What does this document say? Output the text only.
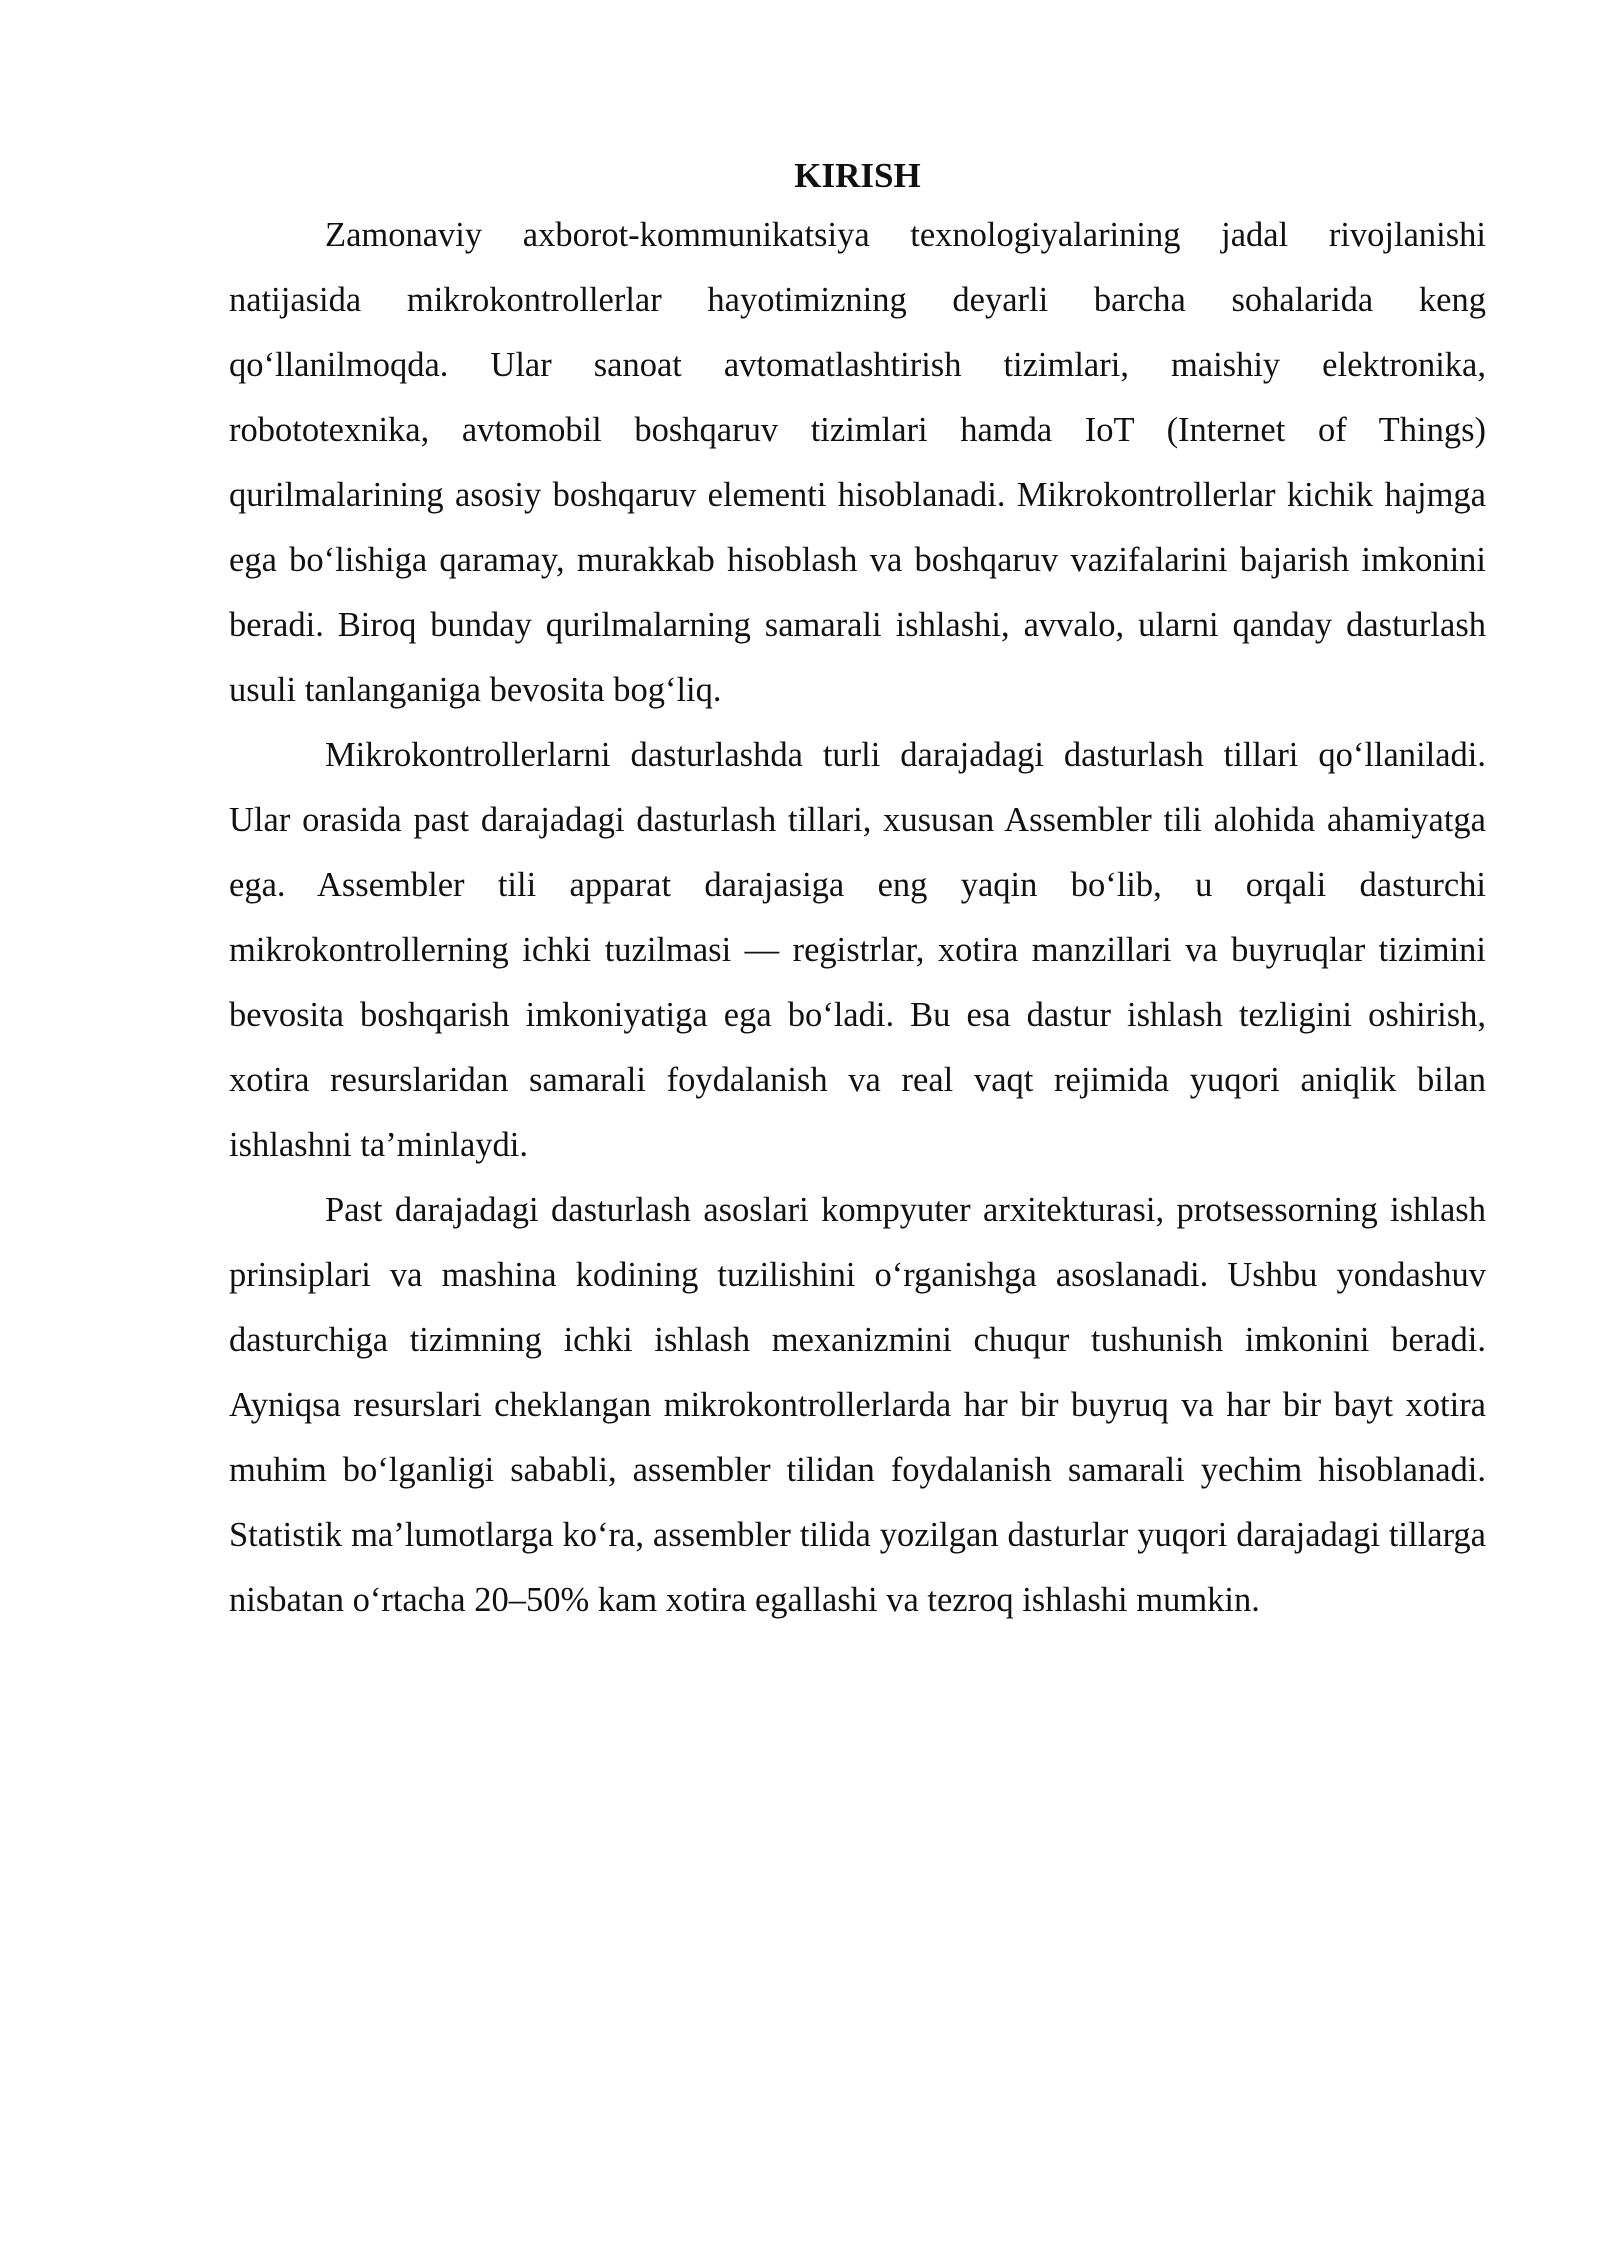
KIRISH

Zamonaviy axborot-kommunikatsiya texnologiyalarining jadal rivojlanishi natijasida mikrokontrollerlar hayotimizning deyarli barcha sohalarida keng qo‘llanilmoqda. Ular sanoat avtomatlashtirish tizimlari, maishiy elektronika, robototexnika, avtomobil boshqaruv tizimlari hamda IoT (Internet of Things) qurilmalarining asosiy boshqaruv elementi hisoblanadi. Mikrokontrollerlar kichik hajmga ega bo‘lishiga qaramay, murakkab hisoblash va boshqaruv vazifalarini bajarish imkonini beradi. Biroq bunday qurilmalarning samarali ishlashi, avvalo, ularni qanday dasturlash usuli tanlanganiga bevosita bog‘liq.

Mikrokontrollerlarni dasturlashda turli darajadagi dasturlash tillari qo‘llaniladi. Ular orasida past darajadagi dasturlash tillari, xususan Assembler tili alohida ahamiyatga ega. Assembler tili apparat darajasiga eng yaqin bo‘lib, u orqali dasturchi mikrokontrollerning ichki tuzilmasi — registrlar, xotira manzillari va buyruqlar tizimini bevosita boshqarish imkoniyatiga ega bo‘ladi. Bu esa dastur ishlash tezligini oshirish, xotira resurslaridan samarali foydalanish va real vaqt rejimida yuqori aniqlik bilan ishlashni ta’minlaydi.

Past darajadagi dasturlash asoslari kompyuter arxitekturasi, protsessorning ishlash prinsiplari va mashina kodining tuzilishini o‘rganishga asoslanadi. Ushbu yondashuv dasturchiga tizimning ichki ishlash mexanizmini chuqur tushunish imkonini beradi. Ayniqsa resurslari cheklangan mikrokontrollerlarda har bir buyruq va har bir bayt xotira muhim bo‘lganligi sababli, assembler tilidan foydalanish samarali yechim hisoblanadi. Statistik ma’lumotlarga ko‘ra, assembler tilida yozilgan dasturlar yuqori darajadagi tillarga nisbatan o‘rtacha 20–50% kam xotira egallashi va tezroq ishlashi mumkin.
